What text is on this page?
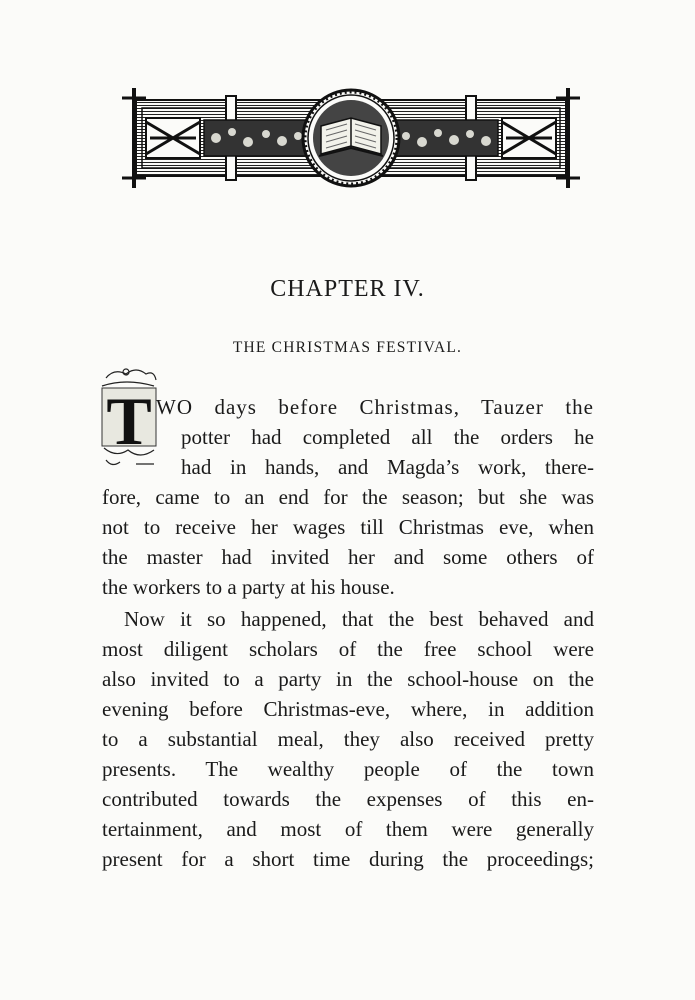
CHAPTER IV.
THE CHRISTMAS FESTIVAL.
T WO days before Christmas, Tauzer the
potter had completed all the orders he
had in hands, and Magda’s work, there-
fore, came to an end for the season; but she was
not to receive her wages till Christmas eve, when
the master had invited her and some others of
the workers to a party at his house.
Now it so happened, that the best behaved and
most diligent scholars of the free school were
also invited to a party in the school-house on the
evening before Christmas-eve, where, in addition
to a substantial meal, they also received pretty
presents. The wealthy people of the town
contributed towards the expenses of this en-
tertainment, and most of them were generally
present for a short time during the proceedings;
